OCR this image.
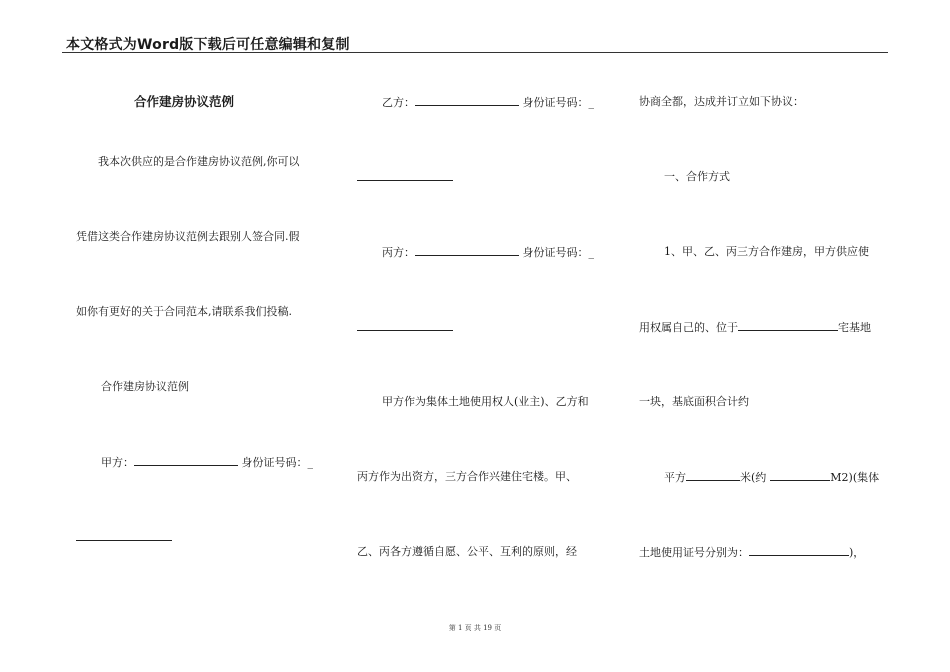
本文格式为Word版下载后可任意编辑和复制
合作建房协议范例
我本次供应的是合作建房协议范例,你可以
凭借这类合作建房协议范例去跟别人签合同.假
如你有更好的关于合同范本,请联系我们投稿.
合作建房协议范例
甲方：	身份证号码：_
乙方：	身份证号码：_
丙方：	身份证号码：_
甲方作为集体土地使用权人(业主)、乙方和
丙方作为出资方，三方合作兴建住宅楼。甲、
乙、丙各方遵循自愿、公平、互利的原则，经
协商全都，达成并订立如下协议：
一、合作方式
1、甲、乙、丙三方合作建房，甲方供应使
用权属自己的、位于	宅基地
一块，基底面积合计约
平方	米(约	M2)(集体
土地使用证号分别为：	)，
第 1 页 共 19 页
